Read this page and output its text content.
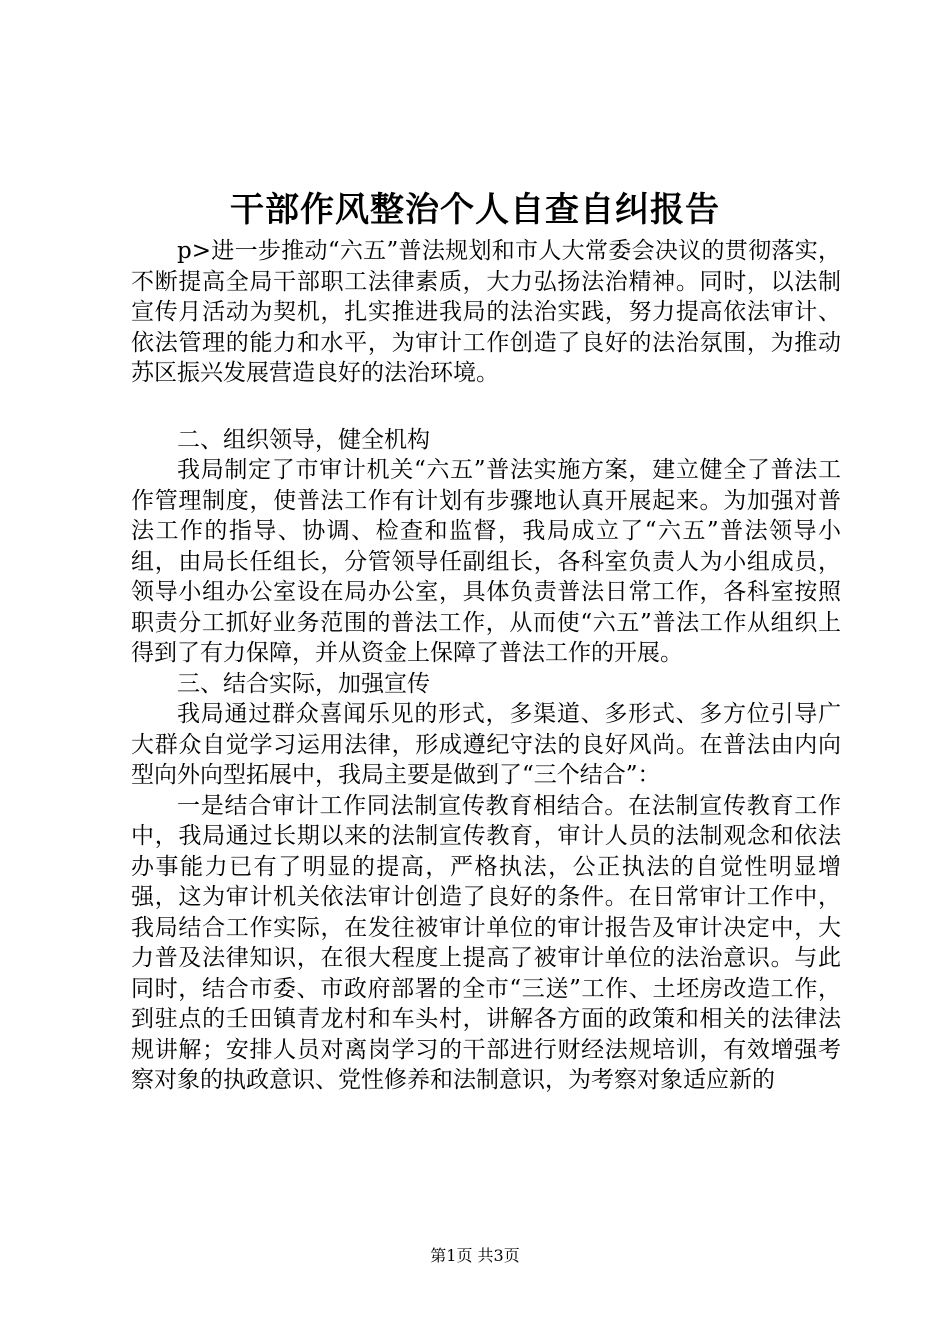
干部作风整治个人自查自纠报告

p>进一步推动“六五”普法规划和市人大常委会决议的贯彻落实，不断提高全局干部职工法律素质，大力弘扬法治精神。同时，以法制宣传月活动为契机，扎实推进我局的法治实践，努力提高依法审计、依法管理的能力和水平，为审计工作创造了良好的法治氛围，为推动苏区振兴发展营造良好的法治环境。

二、组织领导，健全机构

我局制定了市审计机关“六五”普法实施方案，建立健全了普法工作管理制度，使普法工作有计划有步骤地认真开展起来。为加强对普法工作的指导、协调、检查和监督，我局成立了“六五”普法领导小组，由局长任组长，分管领导任副组长，各科室负责人为小组成员，领导小组办公室设在局办公室，具体负责普法日常工作，各科室按照职责分工抓好业务范围的普法工作，从而使“六五”普法工作从组织上得到了有力保障，并从资金上保障了普法工作的开展。

三、结合实际，加强宣传

我局通过群众喜闻乐见的形式，多渠道、多形式、多方位引导广大群众自觉学习运用法律，形成遵纪守法的良好风尚。在普法由内向型向外向型拓展中，我局主要是做到了“三个结合”：

一是结合审计工作同法制宣传教育相结合。在法制宣传教育工作中，我局通过长期以来的法制宣传教育，审计人员的法制观念和依法办事能力已有了明显的提高，严格执法，公正执法的自觉性明显增强，这为审计机关依法审计创造了良好的条件。在日常审计工作中，我局结合工作实际，在发往被审计单位的审计报告及审计决定中，大力普及法律知识，在很大程度上提高了被审计单位的法治意识。与此同时，结合市委、市政府部署的全市“三送”工作、土坯房改造工作，到驻点的壬田镇青龙村和车头村，讲解各方面的政策和相关的法律法规讲解；安排人员对离岗学习的干部进行财经法规培训，有效增强考察对象的执政意识、党性修养和法制意识，为考察对象适应新的

第1页 共3页
